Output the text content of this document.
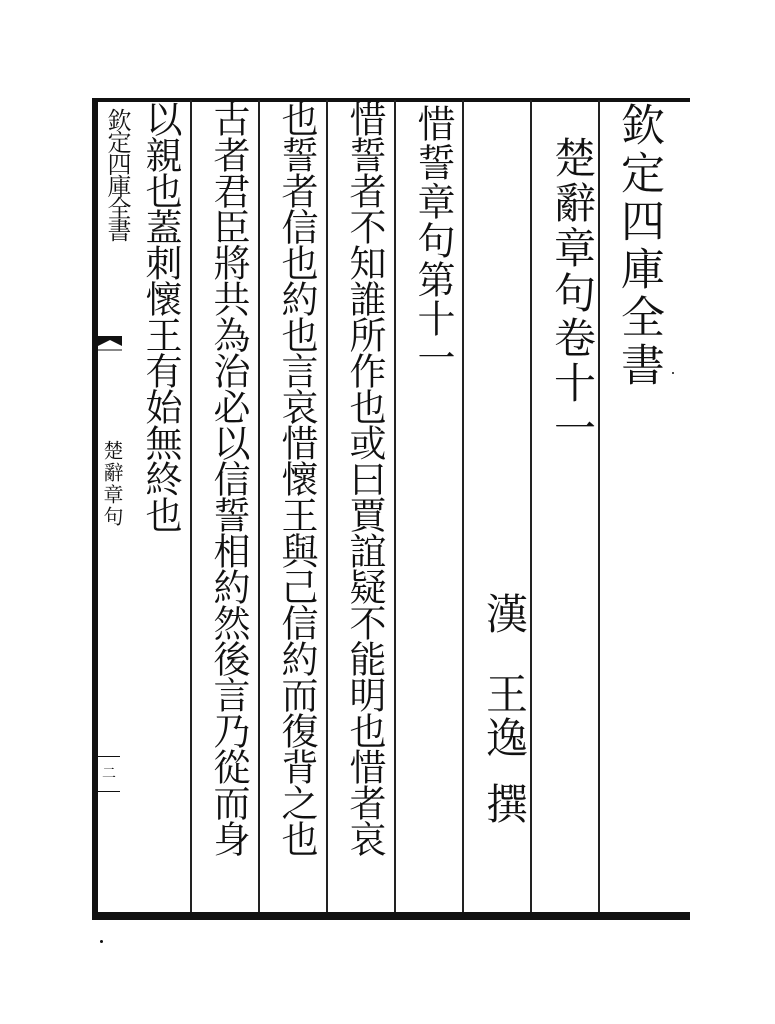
欽定四庫全書
楚辭章句卷十一
漢
王逸
撰
惜誓章句第十一
惜誓者不知誰所作也或曰賈誼疑不能明也惜者哀
也誓者信也約也言哀惜懷王與己信約而復背之也
古者君臣將共為治必以信誓相約然後言乃從而身
以親也蓋刺懷王有始無終也
欽定四庫全書
楚辭章句
二
